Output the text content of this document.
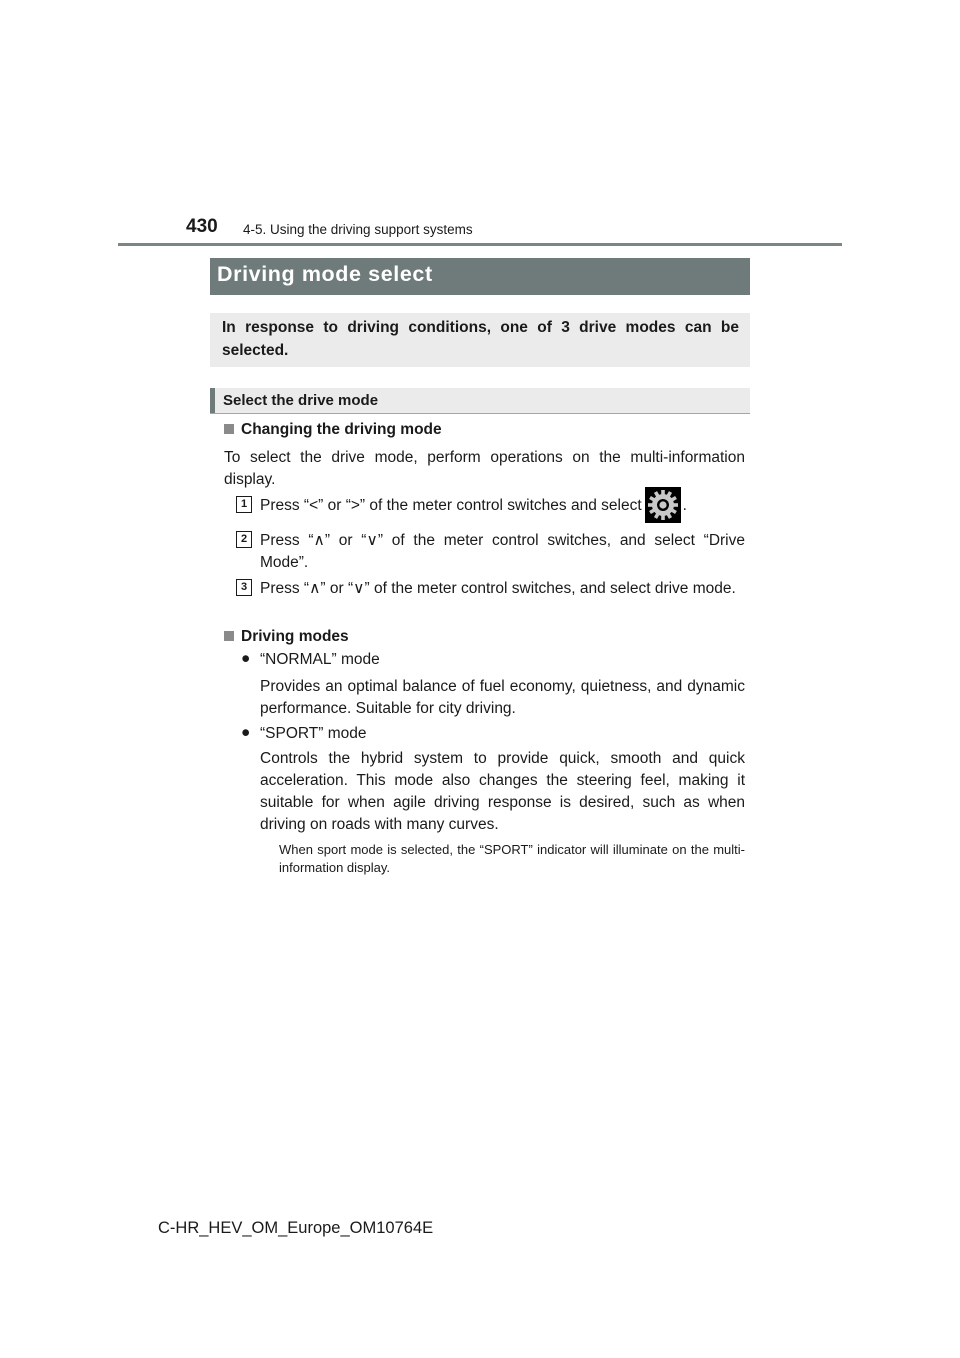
430 4-5. Using the driving support systems
Driving mode select
In response to driving conditions, one of 3 drive modes can be selected.
Select the drive mode
Changing the driving mode
To select the drive mode, perform operations on the multi-information display.
1 Press “<” or “>” of the meter control switches and select	.
2 Press “∧” or “∨” of the meter control switches, and select “Drive Mode”.
3 Press “∧” or “∨” of the meter control switches, and select drive mode.
Driving modes
● “NORMAL” mode
Provides an optimal balance of fuel economy, quietness, and dynamic performance. Suitable for city driving.
● “SPORT” mode
Controls the hybrid system to provide quick, smooth and quick acceleration. This mode also changes the steering feel, making it suitable for when agile driving response is desired, such as when driving on roads with many curves.
When sport mode is selected, the “SPORT” indicator will illuminate on the multi-information display.
C-HR_HEV_OM_Europe_OM10764E
